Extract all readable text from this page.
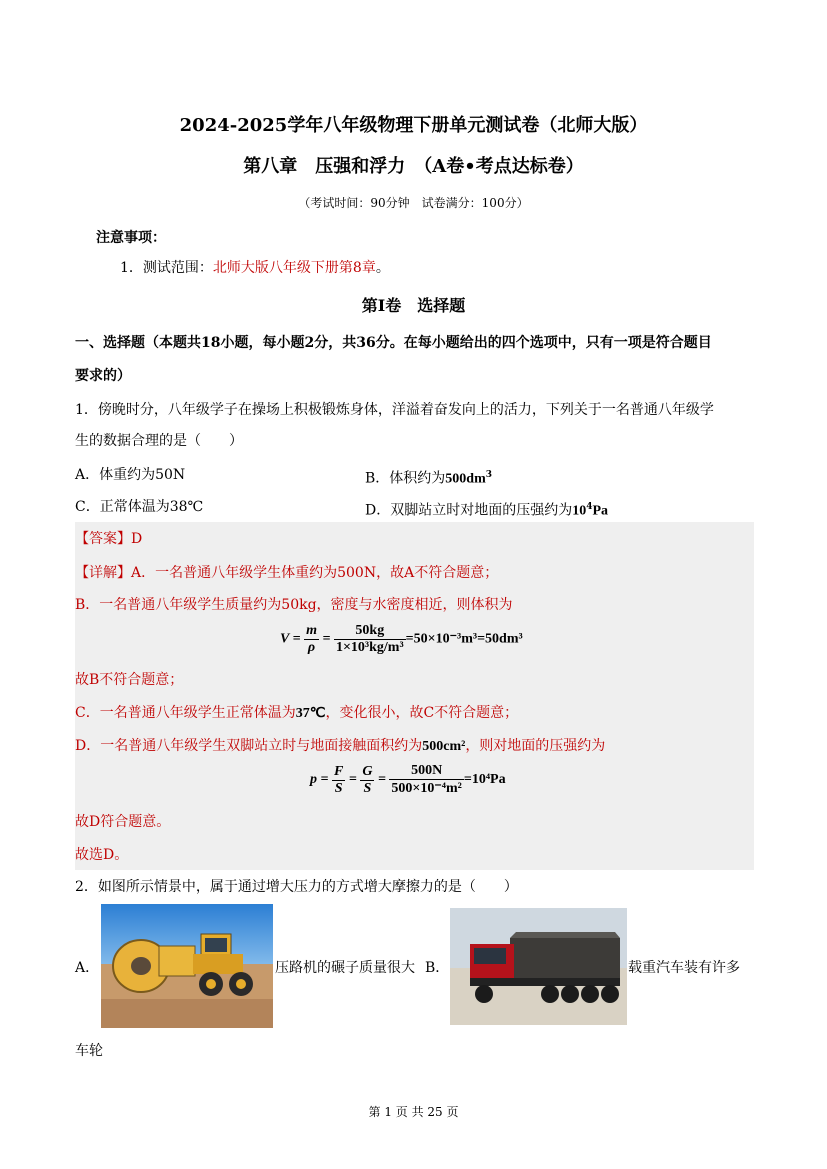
2024-2025学年八年级物理下册单元测试卷（北师大版）
第八章　压强和浮力　（A卷•考点达标卷）
（考试时间：90分钟　试卷满分：100分）
注意事项：
1．测试范围：北师大版八年级下册第8章。
第Ⅰ卷　选择题
一、选择题（本题共18小题，每小题2分，共36分。在每小题给出的四个选项中，只有一项是符合题目
要求的）
1．傍晚时分，八年级学子在操场上积极锻炼身体，洋溢着奋发向上的活力，下列关于一名普通八年级学
生的数据合理的是（　　）
A．体重约为50N	B．体积约为$500dm^3$
C．正常体温为38℃	D．双脚站立时对地面的压强约为$10^4Pa$
【答案】D
【详解】A．一名普通八年级学生体重约为500N，故A不符合题意；
B．一名普通八年级学生质量约为50kg，密度与水密度相近，则体积为
$V = \frac{m}{\rho} = \frac{50kg}{\text{1×10³kg/m³}} =50\times 10^{-3}m^3=50dm^3$
故B不符合题意；
C．一名普通八年级学生正常体温为37℃，变化很小，故C不符合题意；
D．一名普通八年级学生双脚站立时与地面接触面积约为500cm²，则对地面的压强约为
$p = \frac{F}{S} = \frac{G}{S} = \frac{500N}{\text{500×10⁻⁴m²}} =10^4Pa$
故D符合题意。
故选D。
2．如图所示情景中，属于通过增大压力的方式增大摩擦力的是（　　）
A．	压路机的碾子质量很大 B．	载重汽车装有许多
车轮
第 1 页 共 25 页
